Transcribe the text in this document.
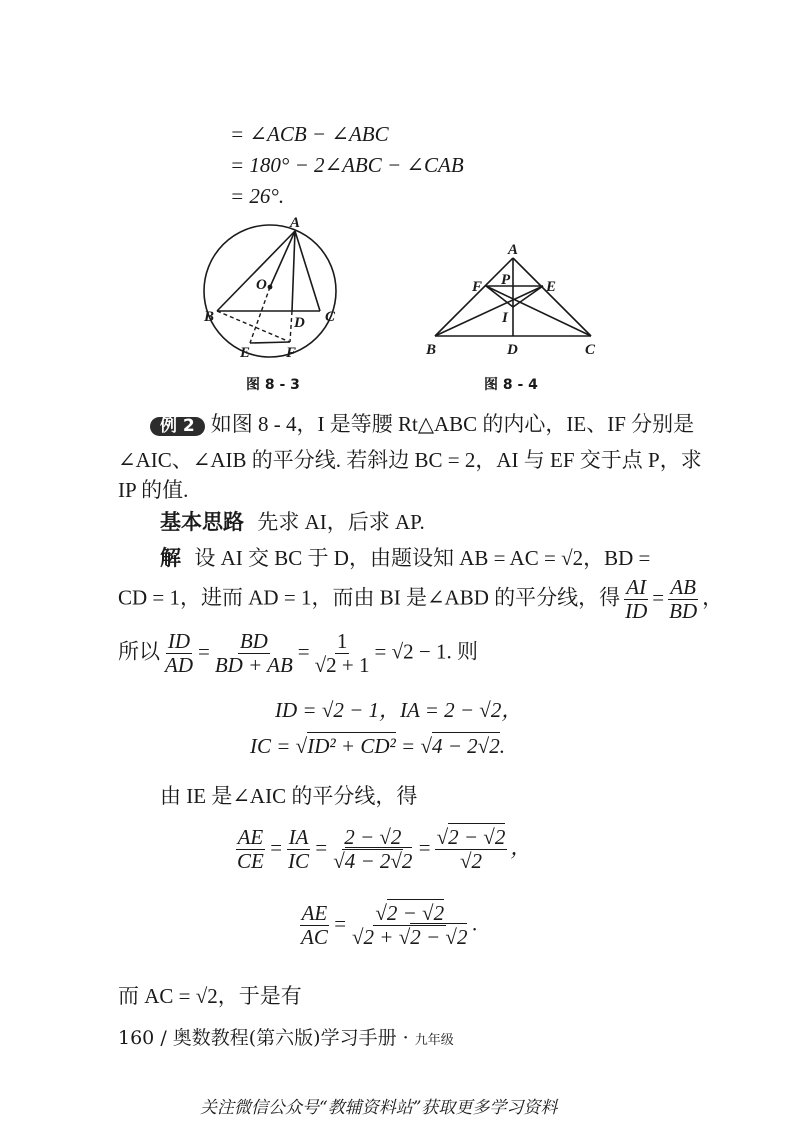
= ∠ACB − ∠ABC
= 180° − 2∠ABC − ∠CAB
= 26°.
A
O
B	C
D
E F
图 8 - 3
A
P
F	E
I
B	D	C
图 8 - 4
例 2 如图 8 - 4，I 是等腰 Rt△ABC 的内心，IE、IF 分别是
∠AIC、∠AIB 的平分线. 若斜边 BC = 2，AI 与 EF 交于点 P，求
IP 的值.
基本思路 先求 AI，后求 AP.
解 设 AI 交 BC 于 D，由题设知 AB = AC = √2，BD =
CD = 1，进而 AD = 1，而由 BI 是∠ABD 的平分线，得 $\frac{AI}{ID} = \frac{AB}{BD}$ ，
所以 $\frac{ID}{AD} = \frac{BD}{BD + AB} = \frac{1}{√2 + 1} = √2 - 1$. 则
ID = √2 − 1，IA = 2 − √2，
IC = √ID² + CD² = √4 − 2√2.
由 IE 是∠AIC 的平分线，得
$\frac{AE}{CE} = \frac{IA}{IC} = \frac{2 - √2}{√4 - 2√2} = \frac{√2 - √2}{√2}$ ，
$\frac{AE}{AC} = \frac{√2 - √2}{√2 + √2 - √2}$ .
而 AC = √2，于是有
160 / 奥数教程(第六版)学习手册 · 九年级
关注微信公众号“教辅资料站”获取更多学习资料
